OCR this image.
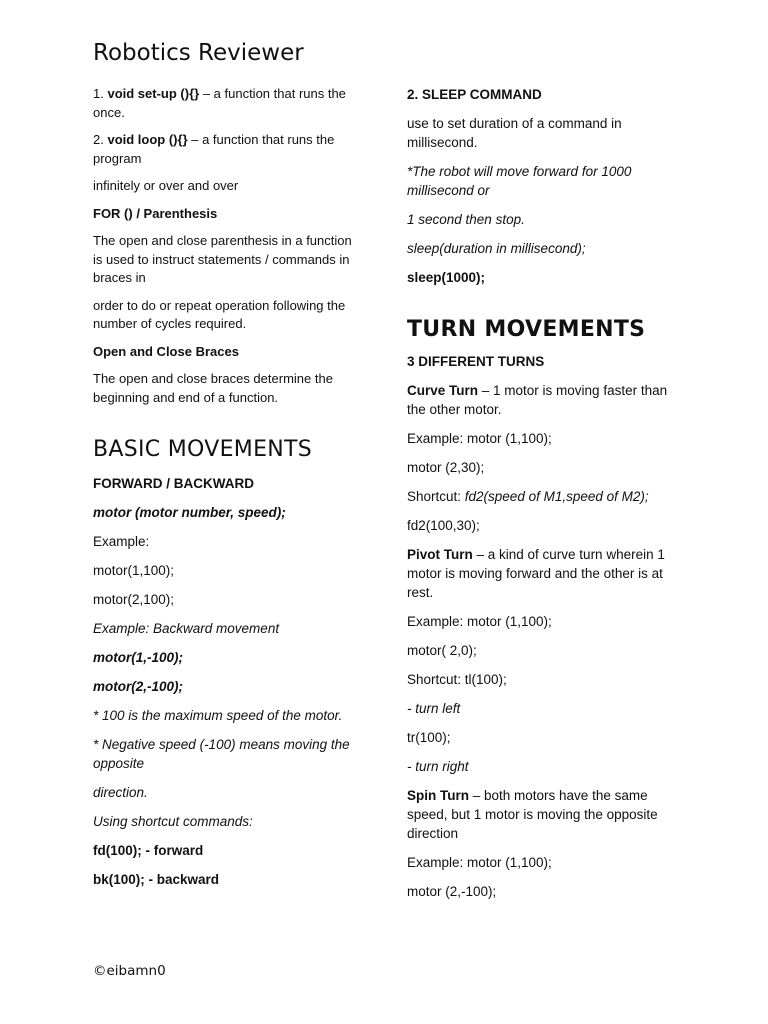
Robotics Reviewer

1. void set-up (){} – a function that runs the once.

2. void loop (){} – a function that runs the program

infinitely or over and over

FOR () / Parenthesis

The open and close parenthesis in a function is used to instruct statements / commands in braces in

order to do or repeat operation following the number of cycles required.

Open and Close Braces

The open and close braces determine the beginning and end of a function.

BASIC MOVEMENTS

FORWARD / BACKWARD

motor (motor number, speed);

Example:

motor(1,100);

motor(2,100);

Example: Backward movement

motor(1,-100);

motor(2,-100);

* 100 is the maximum speed of the motor.

* Negative speed (-100) means moving the opposite

direction.

Using shortcut commands:

fd(100); - forward

bk(100); - backward

2. SLEEP COMMAND

use to set duration of a command in millisecond.

*The robot will move forward for 1000 millisecond or

1 second then stop.

sleep(duration in millisecond);

sleep(1000);

TURN MOVEMENTS

3 DIFFERENT TURNS

Curve Turn – 1 motor is moving faster than the other motor.

Example: motor (1,100);

motor (2,30);

Shortcut: fd2(speed of M1,speed of M2);

fd2(100,30);

Pivot Turn – a kind of curve turn wherein 1 motor is moving forward and the other is at rest.

Example: motor (1,100);

motor( 2,0);

Shortcut: tl(100);

- turn left

tr(100);

- turn right

Spin Turn – both motors have the same speed, but 1 motor is moving the opposite direction

Example: motor (1,100);

motor (2,-100);

©eibamn0
